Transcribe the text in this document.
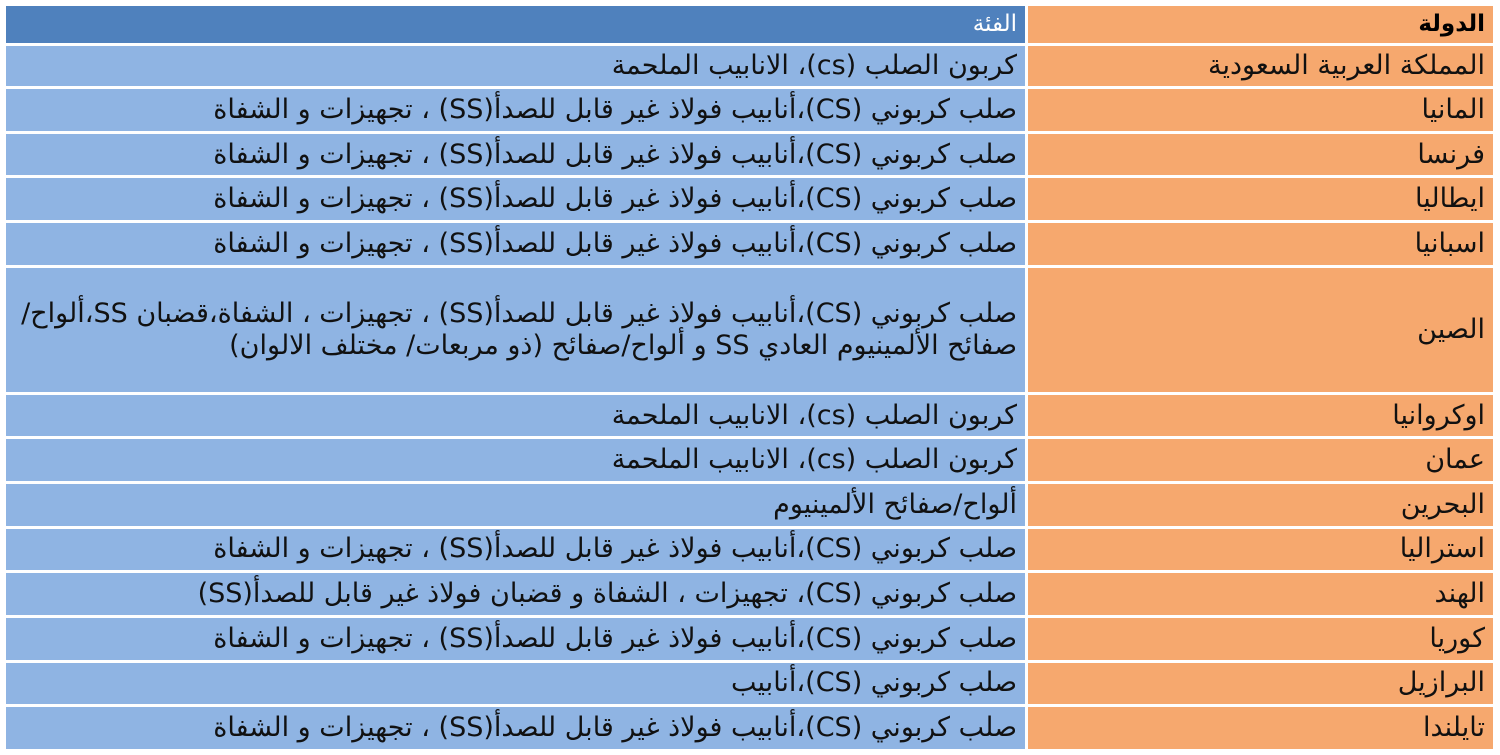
الدولة	الفئة
المملكة العربية السعودية	كربون الصلب (cs)، الانابيب الملحمة
المانيا	صلب كربوني (CS)،أنابيب فولاذ غير قابل للصدأ(SS) ، تجهيزات و الشفاة
فرنسا	صلب كربوني (CS)،أنابيب فولاذ غير قابل للصدأ(SS) ، تجهيزات و الشفاة
ايطاليا	صلب كربوني (CS)،أنابيب فولاذ غير قابل للصدأ(SS) ، تجهيزات و الشفاة
اسبانيا	صلب كربوني (CS)،أنابيب فولاذ غير قابل للصدأ(SS) ، تجهيزات و الشفاة
الصين	صلب كربوني (CS)،أنابيب فولاذ غير قابل للصدأ(SS) ، تجهيزات ، الشفاة،قضبان SS،ألواح/صفائح الألمينيوم العادي SS و ألواح/صفائح (ذو مربعات/ مختلف الالوان)
اوكروانيا	كربون الصلب (cs)، الانابيب الملحمة
عمان	كربون الصلب (cs)، الانابيب الملحمة
البحرين	ألواح/صفائح الألمينيوم
استراليا	صلب كربوني (CS)،أنابيب فولاذ غير قابل للصدأ(SS) ، تجهيزات و الشفاة
الهند	صلب كربوني (CS)، تجهيزات ، الشفاة و قضبان فولاذ غير قابل للصدأ(SS)
كوريا	صلب كربوني (CS)،أنابيب فولاذ غير قابل للصدأ(SS) ، تجهيزات و الشفاة
البرازيل	صلب كربوني (CS)،أنابيب
تايلندا	صلب كربوني (CS)،أنابيب فولاذ غير قابل للصدأ(SS) ، تجهيزات و الشفاة
